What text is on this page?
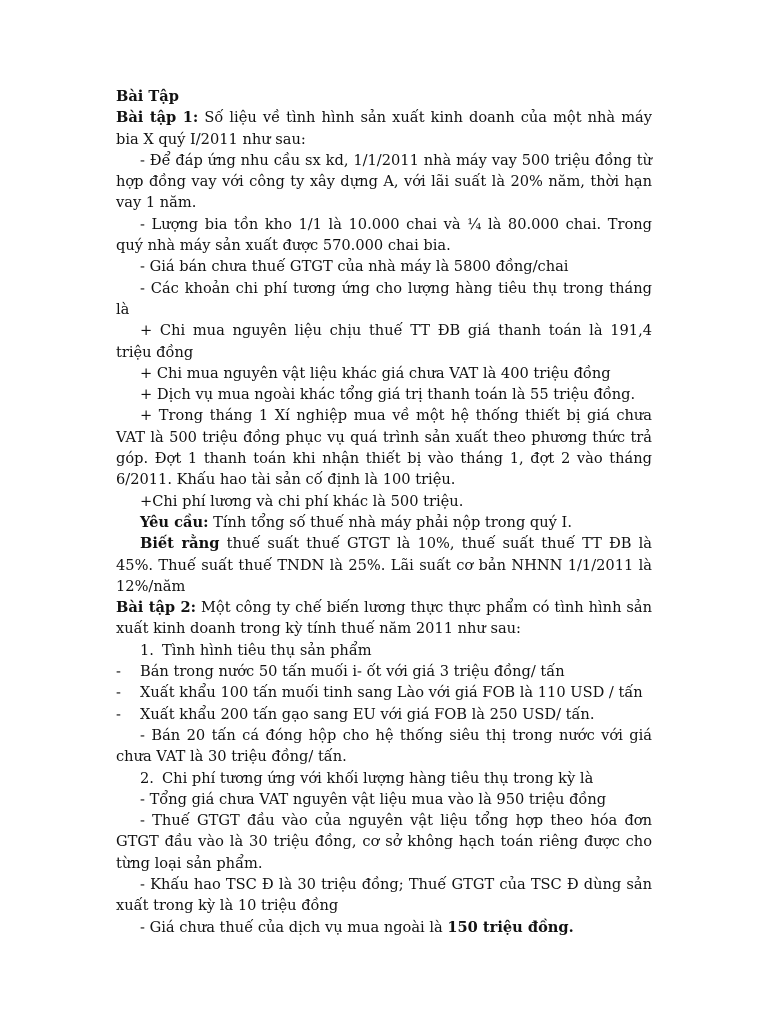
Bài Tập

Bài tập 1: Số liệu về tình hình sản xuất kinh doanh của một nhà máy bia X quý I/2011 như sau:

- Để đáp ứng nhu cầu sx kd, 1/1/2011 nhà máy vay 500 triệu đồng từ hợp đồng vay với công ty xây dựng A, với lãi suất là 20% năm, thời hạn vay 1 năm.

- Lượng bia tồn kho 1/1 là 10.000 chai và ¼ là 80.000 chai. Trong quý nhà máy sản xuất được 570.000 chai bia.

- Giá bán chưa thuế GTGT của nhà máy là 5800 đồng/chai

- Các khoản chi phí tương ứng cho lượng hàng tiêu thụ trong tháng là

+ Chi mua nguyên liệu chịu thuế TT ĐB giá thanh toán là 191,4 triệu đồng

+ Chi mua nguyên vật liệu khác giá chưa VAT là 400 triệu đồng

+ Dịch vụ mua ngoài khác tổng giá trị thanh toán là 55 triệu đồng.

+ Trong tháng 1 Xí nghiệp mua về một hệ thống thiết bị giá chưa VAT là 500 triệu đồng phục vụ quá trình sản xuất theo phương thức trả góp. Đợt 1 thanh toán khi nhận thiết bị vào tháng 1, đợt 2 vào tháng 6/2011. Khấu hao tài sản cố định là 100 triệu.

+Chi phí lương và chi phí khác là 500 triệu.

Yêu cầu: Tính tổng số thuế nhà máy phải nộp trong quý I.

Biết rằng thuế suất thuế GTGT là 10%, thuế suất thuế TT ĐB là 45%. Thuế suất thuế TNDN là 25%. Lãi suất cơ bản NHNN 1/1/2011 là 12%/năm

Bài tập 2: Một công ty chế biến lương thực thực phẩm có tình hình sản xuất kinh doanh trong kỳ tính thuế năm 2011 như sau:

1. Tình hình tiêu thụ sản phẩm

- Bán trong nước 50 tấn muối i- ốt với giá 3 triệu đồng/ tấn

- Xuất khẩu 100 tấn muối tinh sang Lào với giá FOB là 110 USD / tấn

- Xuất khẩu 200 tấn gạo sang EU với giá FOB là 250 USD/ tấn.

- Bán 20 tấn cá đóng hộp cho hệ thống siêu thị trong nước với giá chưa VAT là 30 triệu đồng/ tấn.

2. Chi phí tương ứng với khối lượng hàng tiêu thụ trong kỳ là

- Tổng giá chưa VAT nguyên vật liệu mua vào là 950 triệu đồng

- Thuế GTGT đầu vào của nguyên vật liệu tổng hợp theo hóa đơn GTGT đầu vào là 30 triệu đồng, cơ sở không hạch toán riêng được cho từng loại sản phẩm.

- Khấu hao TSC Đ là 30 triệu đồng; Thuế GTGT của TSC Đ dùng sản xuất trong kỳ là 10 triệu đồng

- Giá chưa thuế của dịch vụ mua ngoài là 150 triệu đồng.
